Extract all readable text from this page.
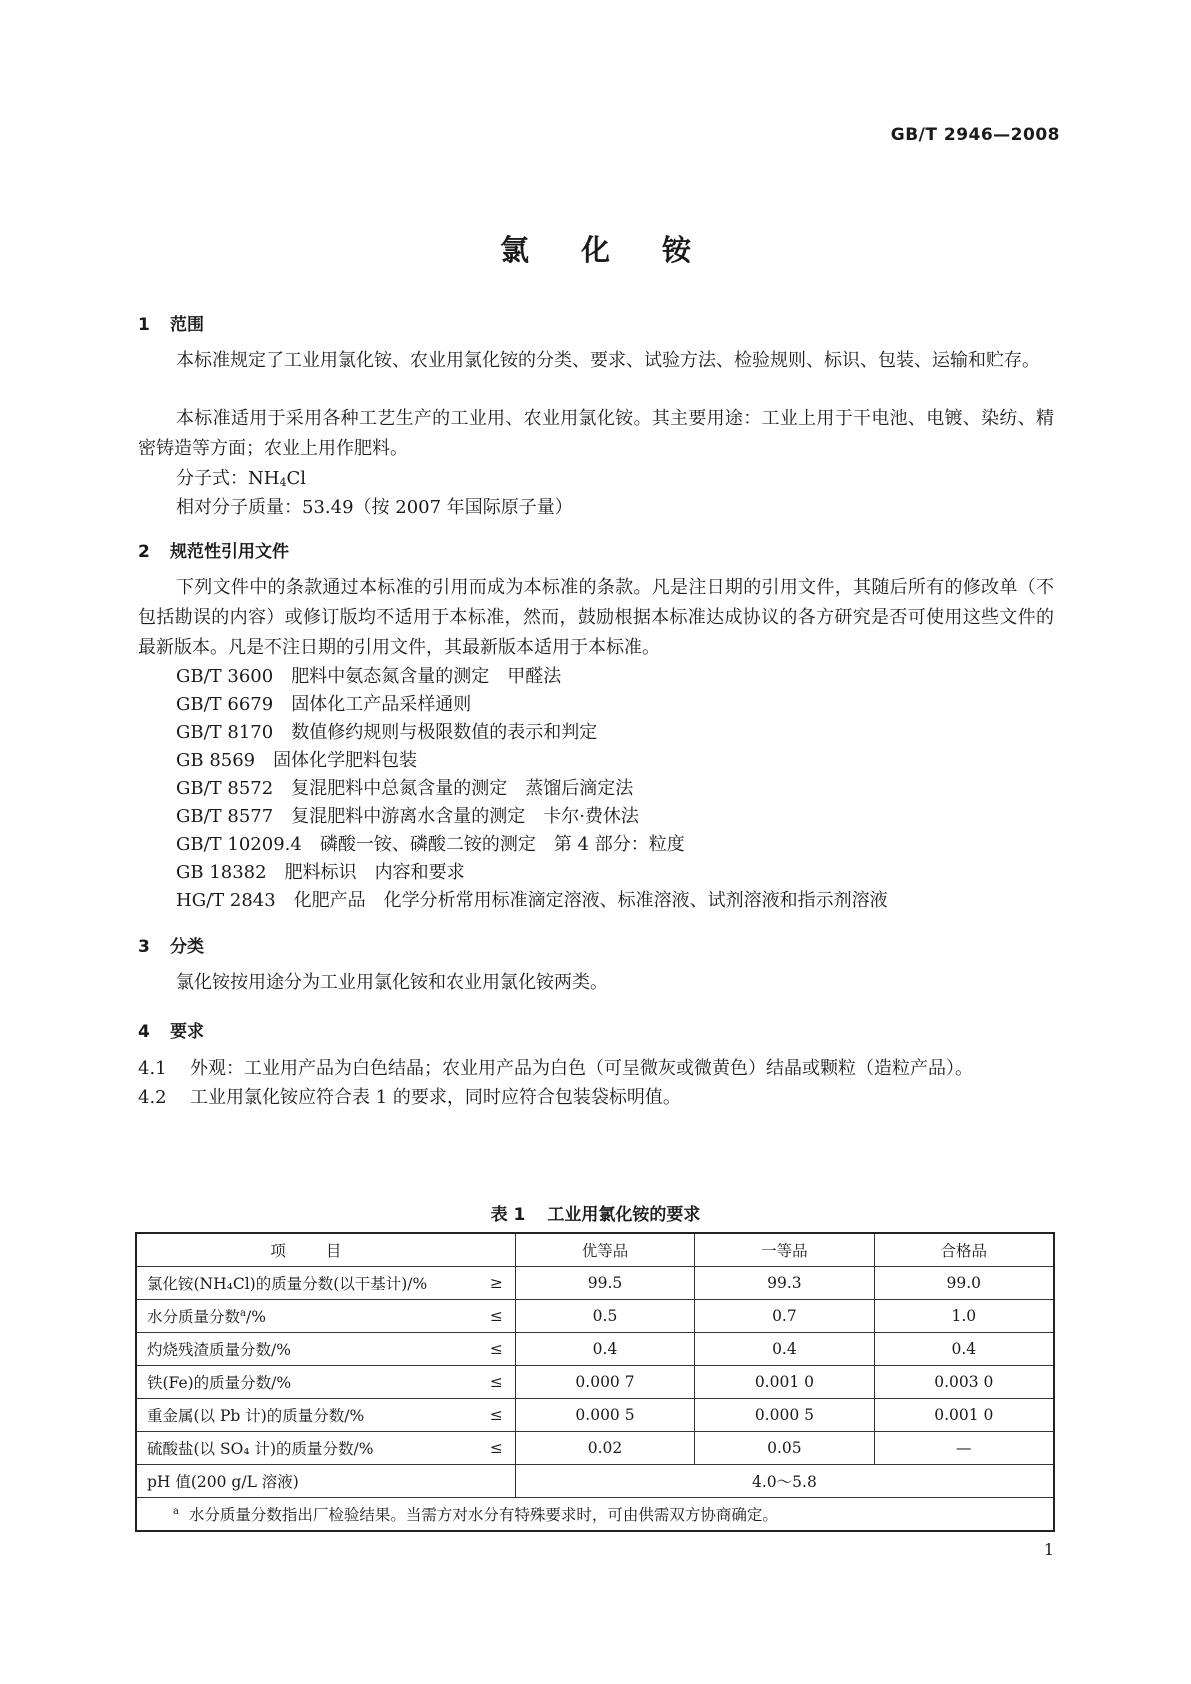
GB/T 2946—2008
氯化铵
1 范围
本标准规定了工业用氯化铵、农业用氯化铵的分类、要求、试验方法、检验规则、标识、包装、运输和贮存。
本标准适用于采用各种工艺生产的工业用、农业用氯化铵。其主要用途：工业上用于干电池、电镀、染纺、精密铸造等方面；农业上用作肥料。
分子式：NH4Cl
相对分子质量：53.49（按 2007 年国际原子量）
2 规范性引用文件
下列文件中的条款通过本标准的引用而成为本标准的条款。凡是注日期的引用文件，其随后所有的修改单（不包括勘误的内容）或修订版均不适用于本标准，然而，鼓励根据本标准达成协议的各方研究是否可使用这些文件的最新版本。凡是不注日期的引用文件，其最新版本适用于本标准。
GB/T 3600　肥料中氨态氮含量的测定　甲醛法
GB/T 6679　固体化工产品采样通则
GB/T 8170　数值修约规则与极限数值的表示和判定
GB 8569　固体化学肥料包装
GB/T 8572　复混肥料中总氮含量的测定　蒸馏后滴定法
GB/T 8577　复混肥料中游离水含量的测定　卡尔·费休法
GB/T 10209.4　磷酸一铵、磷酸二铵的测定　第 4 部分：粒度
GB 18382　肥料标识　内容和要求
HG/T 2843　化肥产品　化学分析常用标准滴定溶液、标准溶液、试剂溶液和指示剂溶液
3 分类
氯化铵按用途分为工业用氯化铵和农业用氯化铵两类。
4 要求
4.1 外观：工业用产品为白色结晶；农业用产品为白色（可呈微灰或微黄色）结晶或颗粒（造粒产品）。
4.2 工业用氯化铵应符合表 1 的要求，同时应符合包装袋标明值。
表 1 工业用氯化铵的要求
项目	优等品	一等品	合格品
氯化铵(NH₄Cl)的质量分数(以干基计)/% ≥	99.5	99.3	99.0
水分质量分数$^a$/% ≤	0.5	0.7	1.0
灼烧残渣质量分数/% ≤	0.4	0.4	0.4
铁(Fe)的质量分数/% ≤	0.000 7	0.001 0	0.003 0
重金属(以 Pb 计)的质量分数/% ≤	0.000 5	0.000 5	0.001 0
硫酸盐(以 SO₄ 计)的质量分数/% ≤	0.02	0.05	—
pH 值(200 g/L 溶液)	4.0～5.8		
$^a$ 水分质量分数指出厂检验结果。当需方对水分有特殊要求时，可由供需双方协商确定。			
1
